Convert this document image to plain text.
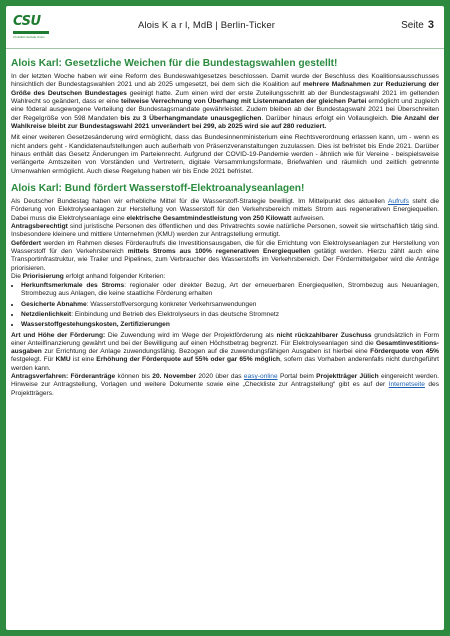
CSU
Christlich-Soziale Union
Alois K a r l, MdB | Berlin-Ticker	Seite 3
Alois Karl: Gesetzliche Weichen für die Bundestagswahlen gestellt!

In der letzten Woche haben wir eine Reform des Bundeswahlgesetzes beschlossen. Damit wurde der Beschluss des Koalitionsausschusses hinsichtlich der Bundestagswahlen 2021 und ab 2025 umgesetzt, bei dem sich die Koalition auf mehrere Maßnahmen zur Reduzierung der Größe des Deutschen Bundestages geeinigt hatte. Zum einen wird der erste Zuteilungsschritt ab der Bundestagswahl 2021 im geltenden Wahlrecht so geändert, dass er eine teilweise Verrechnung von Überhang mit Listenmandaten der gleichen Partei ermöglicht und zugleich eine föderal ausgewogene Verteilung der Bundestagsmandate gewährleistet. Zudem bleiben ab der Bundestagswahl 2021 bei Überschreiten der Regelgröße von 598 Mandaten bis zu 3 Überhangmandate unausgeglichen. Darüber hinaus erfolgt ein Vollausgleich. Die Anzahl der Wahlkreise bleibt zur Bundestagswahl 2021 unverändert bei 299, ab 2025 wird sie auf 280 reduziert.

Mit einer weiteren Gesetzesänderung wird ermöglicht, dass das Bundesinnenministerium eine Rechtsverordnung erlassen kann, um - wenn es nicht anders geht - Kandidatenaufstellungen auch außerhalb von Präsenzveranstaltungen zuzulassen. Dies ist befristet bis Ende 2021. Darüber hinaus enthält das Gesetz Änderungen im Parteienrecht. Aufgrund der COVID-19-Pandemie werden - ähnlich wie für Vereine - beispielsweise verlängerte Amtszeiten von Vorständen und Vertretern, digitale Versammlungsformate, Briefwahlen und räumlich und zeitlich getrennte Urnenwahlen ermöglicht. Auch diese Regelung haben wir bis Ende 2021 befristet.

Alois Karl: Bund fördert Wasserstoff-Elektroanalyseanlagen!

Als Deutscher Bundestag haben wir erhebliche Mittel für die Wasserstoff-Strategie bewilligt. Im Mittelpunkt des aktuellen Aufrufs steht die Förderung von Elektrolyseanlagen zur Herstellung von Wasserstoff für den Verkehrsbereich mittels Strom aus regenerativen Energiequellen. Dabei muss die Elektrolyseanlage eine elektrische Gesamtmindestleistung von 250 Kilowatt aufweisen.

Antragsberechtigt sind juristische Personen des öffentlichen und des Privatrechts sowie natürliche Personen, soweit sie wirtschaftlich tätig sind. Insbesondere kleinere und mittlere Unternehmen (KMU) werden zur Antragstellung ermutigt.

Gefördert werden im Rahmen dieses Förderaufrufs die Investitionsausgaben, die für die Errichtung von Elektrolyseanlagen zur Herstellung von Wasserstoff für den Verkehrsbereich mittels Stroms aus 100% regenerativen Energiequellen getätigt werden. Hierzu zählt auch eine Transportinfrastruktur, wie Trailer und Pipelines, zum Verbraucher des Wasserstoffs im Verkehrsbereich. Der Fördermittelgeber wird die Anträge priorisieren.

Die Priorisierung erfolgt anhand folgender Kriterien:

• Herkunftsmerkmale des Stroms: regionaler oder direkter Bezug, Art der erneuerbaren Energiequellen, Strombezug aus Neuanlagen, Strombezug aus Anlagen, die keine staatliche Förderung erhalten
• Gesicherte Abnahme: Wasserstoffversorgung konkreter Verkehrsanwendungen
• Netzdienlichkeit: Einbindung und Betrieb des Elektrolyseurs in das deutsche Stromnetz
• Wasserstoffgestehungskosten, Zertifizierungen

Art und Höhe der Förderung: Die Zuwendung wird im Wege der Projektförderung als nicht rückzahlbarer Zuschuss grundsätzlich in Form einer Anteilfinanzierung gewährt und bei der Bewilligung auf einen Höchstbetrag begrenzt. Für Elektrolyseanlagen sind die Gesamtinvestitions-ausgaben zur Errichtung der Anlage zuwendungsfähig. Bezogen auf die zuwendungsfähigen Ausgaben ist hierbei eine Förderquote von 45% festgelegt. Für KMU ist eine Erhöhung der Förderquote auf 55% oder gar 65% möglich, sofern das Vorhaben anderenfalls nicht durchgeführt werden kann.

Antragsverfahren: Förderanträge können bis 20. November 2020 über das easy-online Portal beim Projektträger Jülich eingereicht werden. Hinweise zur Antragstellung, Vorlagen und weitere Dokumente sowie eine „Checkliste zur Antragstellung“ gibt es auf der Internetseite des Projektträgers.
